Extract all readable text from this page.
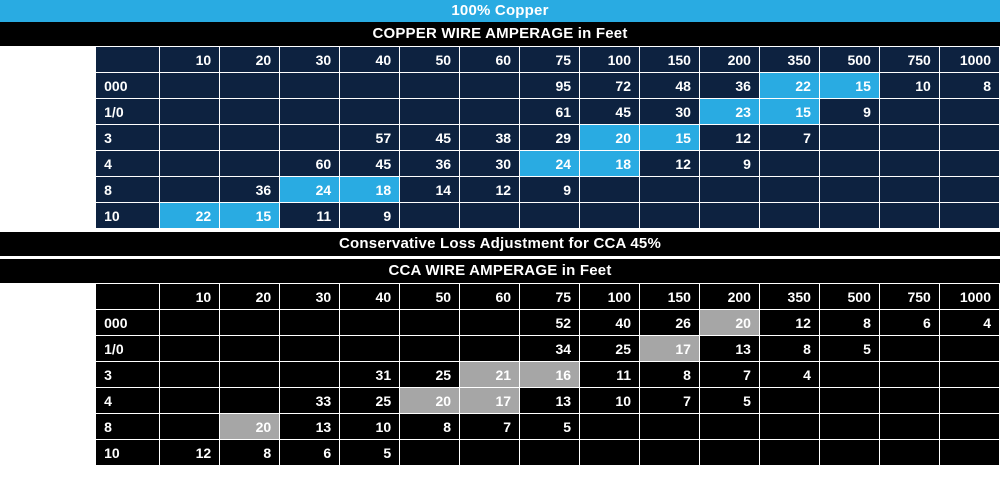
100% Copper
COPPER WIRE AMPERAGE in Feet
		10	20	30	40	50	60	75	100	150	200	350	500	750	1000
GAUGE	000							95	72	48	36	22	15	10	8
	1/0							61	45	30	23	15	9		
	3				57	45	38	29	20	15	12	7			
	4			60	45	36	30	24	18	12	9				
	8		36	24	18	14	12	9							
	10	22	15	11	9										
Conservative Loss Adjustment for CCA 45%
CCA WIRE AMPERAGE in Feet
		10	20	30	40	50	60	75	100	150	200	350	500	750	1000
GAUGE	000							52	40	26	20	12	8	6	4
	1/0							34	25	17	13	8	5		
	3				31	25	21	16	11	8	7	4			
	4			33	25	20	17	13	10	7	5				
	8		20	13	10	8	7	5							
	10	12	8	6	5										
